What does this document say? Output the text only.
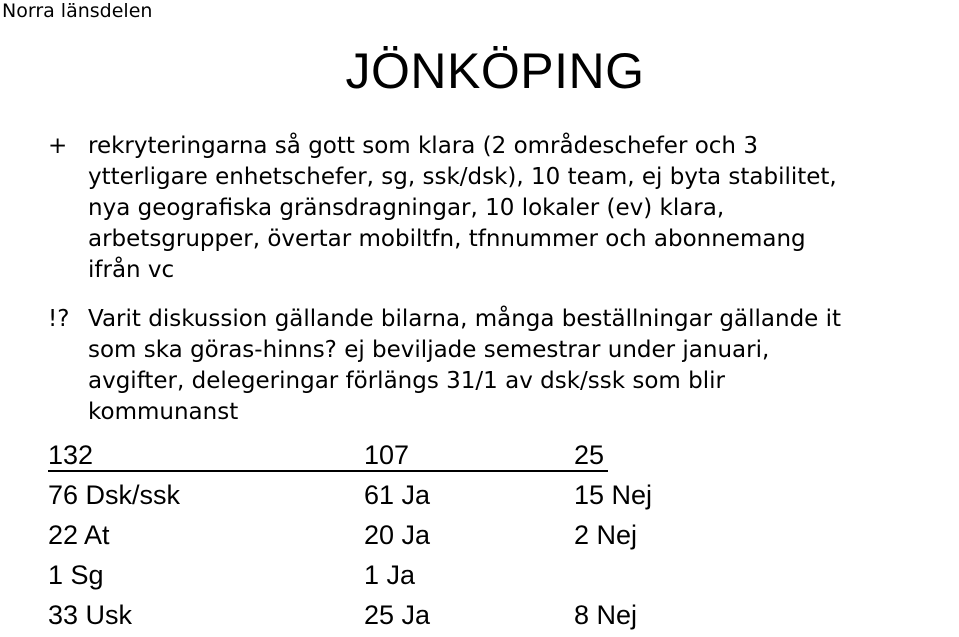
Norra länsdelen
JÖNKÖPING
+ rekryteringarna så gott som klara (2 områdeschefer och 3
ytterligare enhetschefer, sg, ssk/dsk), 10 team, ej byta stabilitet,
nya geografiska gränsdragningar, 10 lokaler (ev) klara,
arbetsgrupper, övertar mobiltfn, tfnnummer och abonnemang
ifrån vc
!? Varit diskussion gällande bilarna, många beställningar gällande it
som ska göras-hinns? ej beviljade semestrar under januari,
avgifter, delegeringar förlängs 31/1 av dsk/ssk som blir
kommunanst
132	107	25
76 Dsk/ssk	61 Ja	15 Nej
22 At	20 Ja	2 Nej
1 Sg	1 Ja
33 Usk	25 Ja	8 Nej
